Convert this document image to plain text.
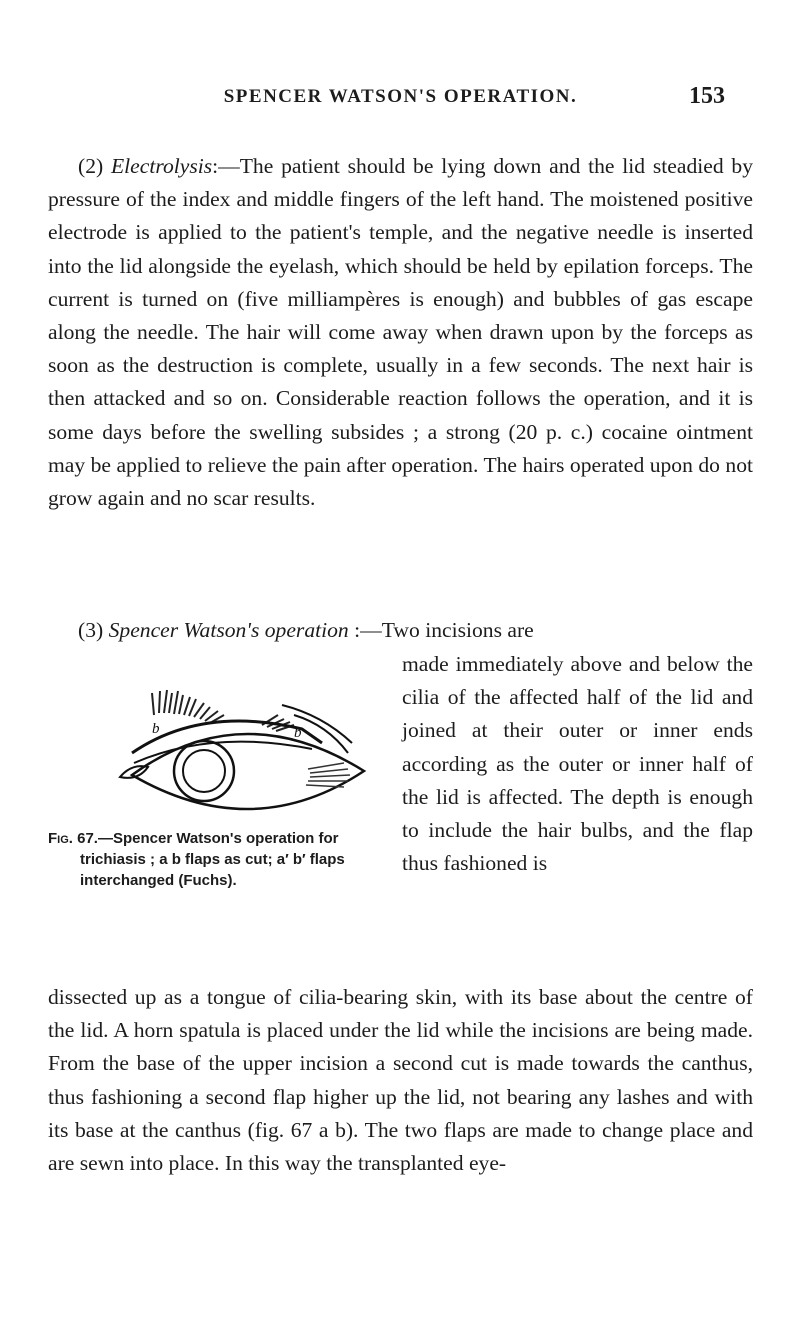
SPENCER WATSON'S OPERATION.	153

(2) Electrolysis:—The patient should be lying down and the lid steadied by pressure of the index and middle fingers of the left hand. The moistened positive electrode is applied to the patient's temple, and the negative needle is inserted into the lid alongside the eyelash, which should be held by epilation forceps. The current is turned on (five milliampères is enough) and bubbles of gas escape along the needle. The hair will come away when drawn upon by the forceps as soon as the destruction is complete, usually in a few seconds. The next hair is then attacked and so on. Considerable reaction follows the operation, and it is some days before the swelling subsides ; a strong (20 p. c.) cocaine ointment may be applied to relieve the pain after operation. The hairs operated upon do not grow again and no scar results.

(3) Spencer Watson's operation :—Two incisions are

b	b
Fig. 67.—Spencer Watson's operation for trichiasis ; a b flaps as cut; a′ b′ flaps interchanged (Fuchs).

made immediately above and below the cilia of the affected half of the lid and joined at their outer or inner ends according as the outer or inner half of the lid is affected. The depth is enough to include the hair bulbs, and the flap thus fashioned is

dissected up as a tongue of cilia-bearing skin, with its base about the centre of the lid. A horn spatula is placed under the lid while the incisions are being made. From the base of the upper incision a second cut is made towards the canthus, thus fashioning a second flap higher up the lid, not bearing any lashes and with its base at the canthus (fig. 67 a b). The two flaps are made to change place and are sewn into place. In this way the transplanted eye-
